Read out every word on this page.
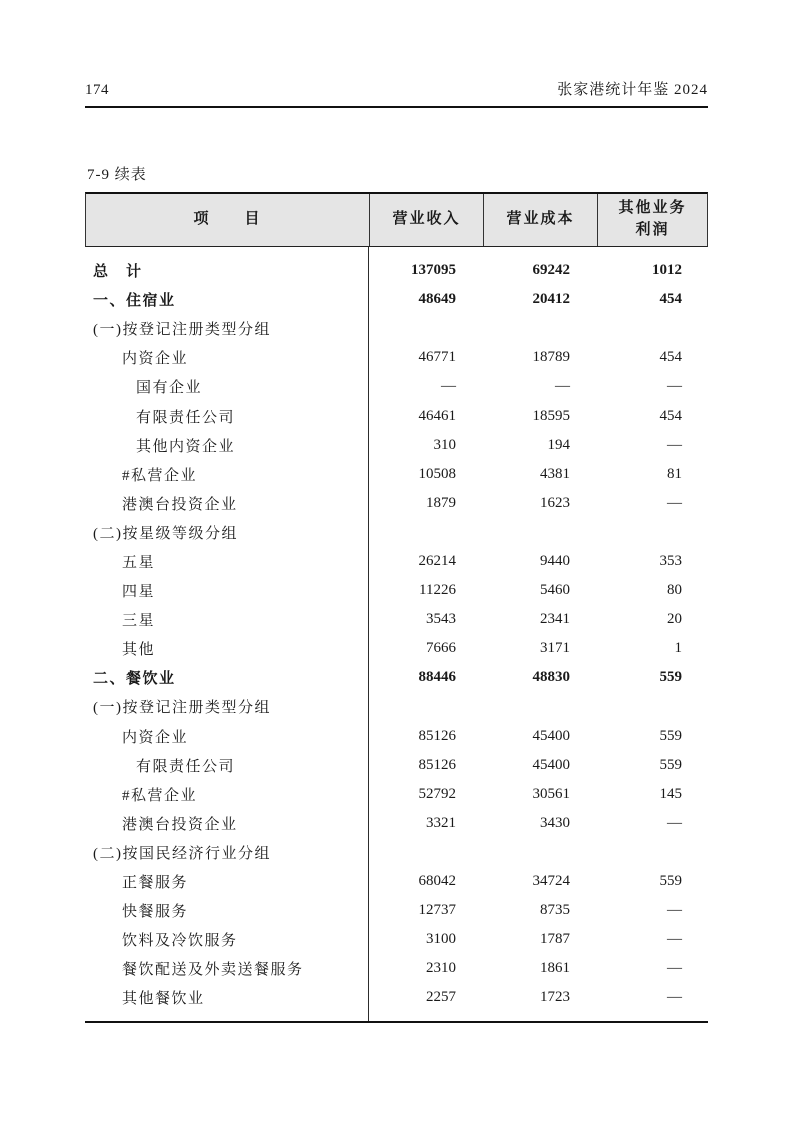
174	张家港统计年鉴 2024
7-9 续表
项　　目	营业收入	营业成本
其他业务
利润
总　计	137095	69242	1012
一、住宿业	48649	20412	454
(一)按登记注册类型分组
内资企业	46771	18789	454
国有企业	—	—	—
有限责任公司	46461	18595	454
其他内资企业	310	194	—
#私营企业	10508	4381	81
港澳台投资企业	1879	1623	—
(二)按星级等级分组
五星	26214	9440	353
四星	11226	5460	80
三星	3543	2341	20
其他	7666	3171	1
二、餐饮业	88446	48830	559
(一)按登记注册类型分组
内资企业	85126	45400	559
有限责任公司	85126	45400	559
#私营企业	52792	30561	145
港澳台投资企业	3321	3430	—
(二)按国民经济行业分组
正餐服务	68042	34724	559
快餐服务	12737	8735	—
饮料及冷饮服务	3100	1787	—
餐饮配送及外卖送餐服务	2310	1861	—
其他餐饮业	2257	1723	—
